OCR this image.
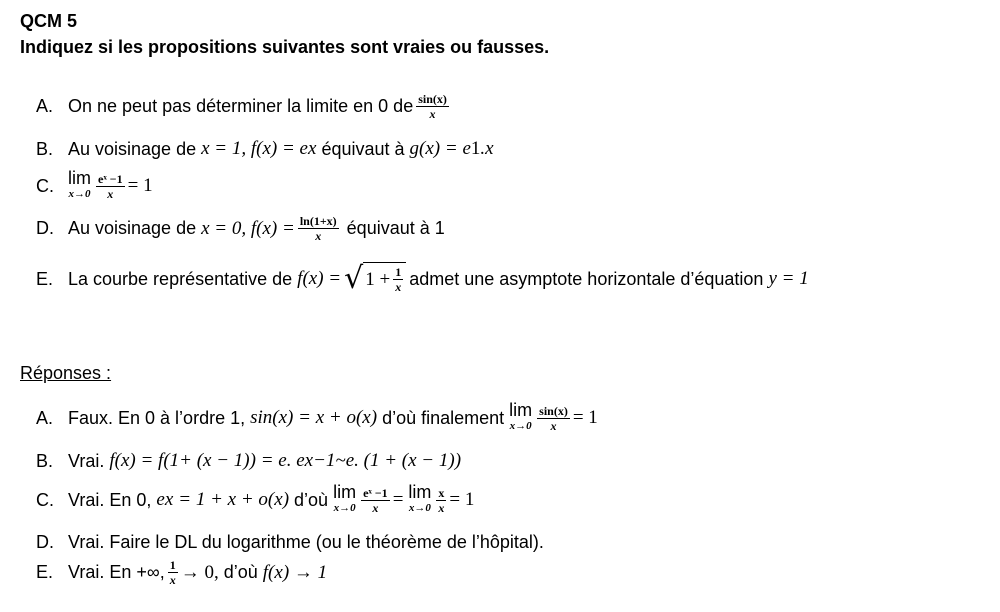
QCM 5
Indiquez si les propositions suivantes sont vraies ou fausses.
A. On ne peut pas déterminer la limite en 0 de $\frac{\sin(x)}{x}$
B. Au voisinage de
x = 1, f(x) = e x
équivaut à
g(x) = e 1 .x
C. lim
$x\to 0 \frac{\text{eˣ −1}}{x} = 1$
D. Au voisinage de
x = 0, $f(x) = \frac{\ln(1+x)}{x}$
équivaut à 1
E. La courbe représentative de
f(x) = √ $1 + \frac{1}{x}$ admet une asymptote horizontale d’équation
y = 1
Réponses :
A. Faux. En 0 à l’ordre 1,
sin(x) = x + o(x)
d’où finalement
lim
$x\to 0 \frac{\sin(x)}{x} = 1$
B. Vrai.
f(x) = f(1+ (x − 1)) = e. e x−1 ~e. (1 + (x − 1))
C. Vrai. En 0,
e x
= 1 + x + o(x)
d’où
lim
$x\to 0 \frac{\text{eˣ −1}}{x}$ =
lim
$x\to 0 \frac{x}{x} = 1$
D. Vrai. Faire le DL du logarithme (ou le théorème de l’hôpital).
E. Vrai. En +∞, $\frac{1}{x} \to 0$,
d’où
f(x) → 1
